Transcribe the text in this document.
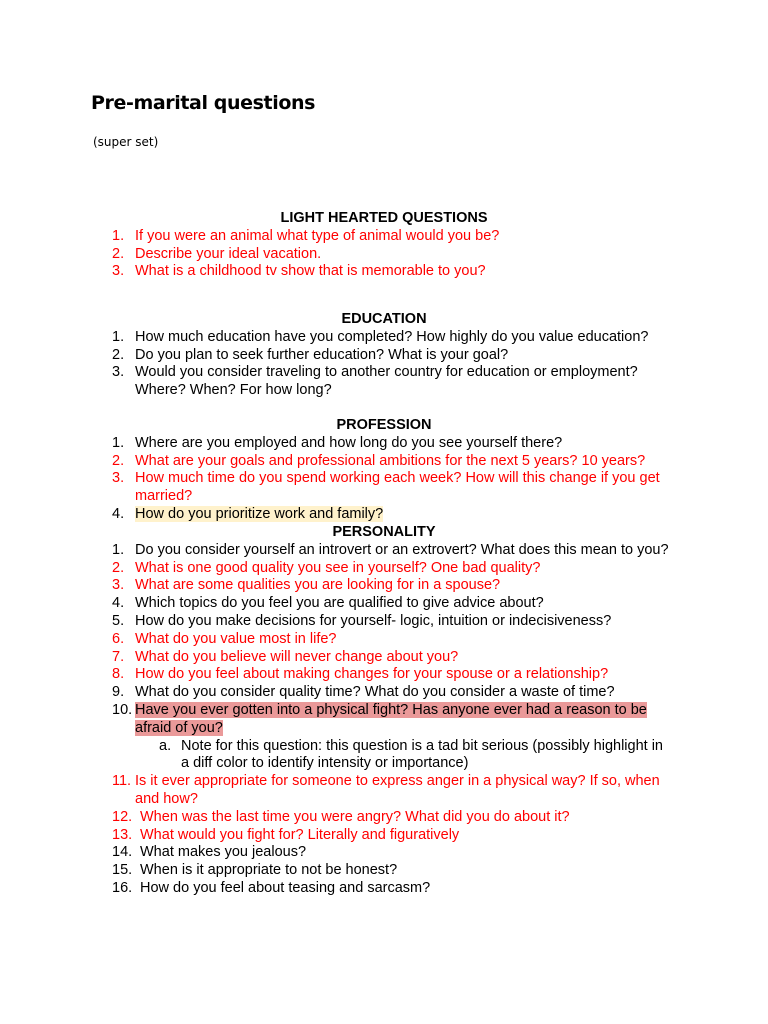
Pre-marital questions
(super set)
LIGHT HEARTED QUESTIONS
1. If you were an animal what type of animal would you be?
2. Describe your ideal vacation.
3. What is a childhood tv show that is memorable to you?
EDUCATION
1. How much education have you completed? How highly do you value education?
2. Do you plan to seek further education? What is your goal?
3. Would you consider traveling to another country for education or employment? Where? When? For how long?
PROFESSION
1. Where are you employed and how long do you see yourself there?
2. What are your goals and professional ambitions for the next 5 years? 10 years?
3. How much time do you spend working each week? How will this change if you get married?
4. How do you prioritize work and family?
PERSONALITY
1. Do you consider yourself an introvert or an extrovert? What does this mean to you?
2. What is one good quality you see in yourself? One bad quality?
3. What are some qualities you are looking for in a spouse?
4. Which topics do you feel you are qualified to give advice about?
5. How do you make decisions for yourself- logic, intuition or indecisiveness?
6. What do you value most in life?
7. What do you believe will never change about you?
8. How do you feel about making changes for your spouse or a relationship?
9. What do you consider quality time? What do you consider a waste of time?
10. Have you ever gotten into a physical fight? Has anyone ever had a reason to be afraid of you?
a. Note for this question: this question is a tad bit serious (possibly highlight in a diff color to identify intensity or importance)
11. Is it ever appropriate for someone to express anger in a physical way? If so, when and how?
12. When was the last time you were angry? What did you do about it?
13. What would you fight for? Literally and figuratively
14. What makes you jealous?
15. When is it appropriate to not be honest?
16. How do you feel about teasing and sarcasm?
